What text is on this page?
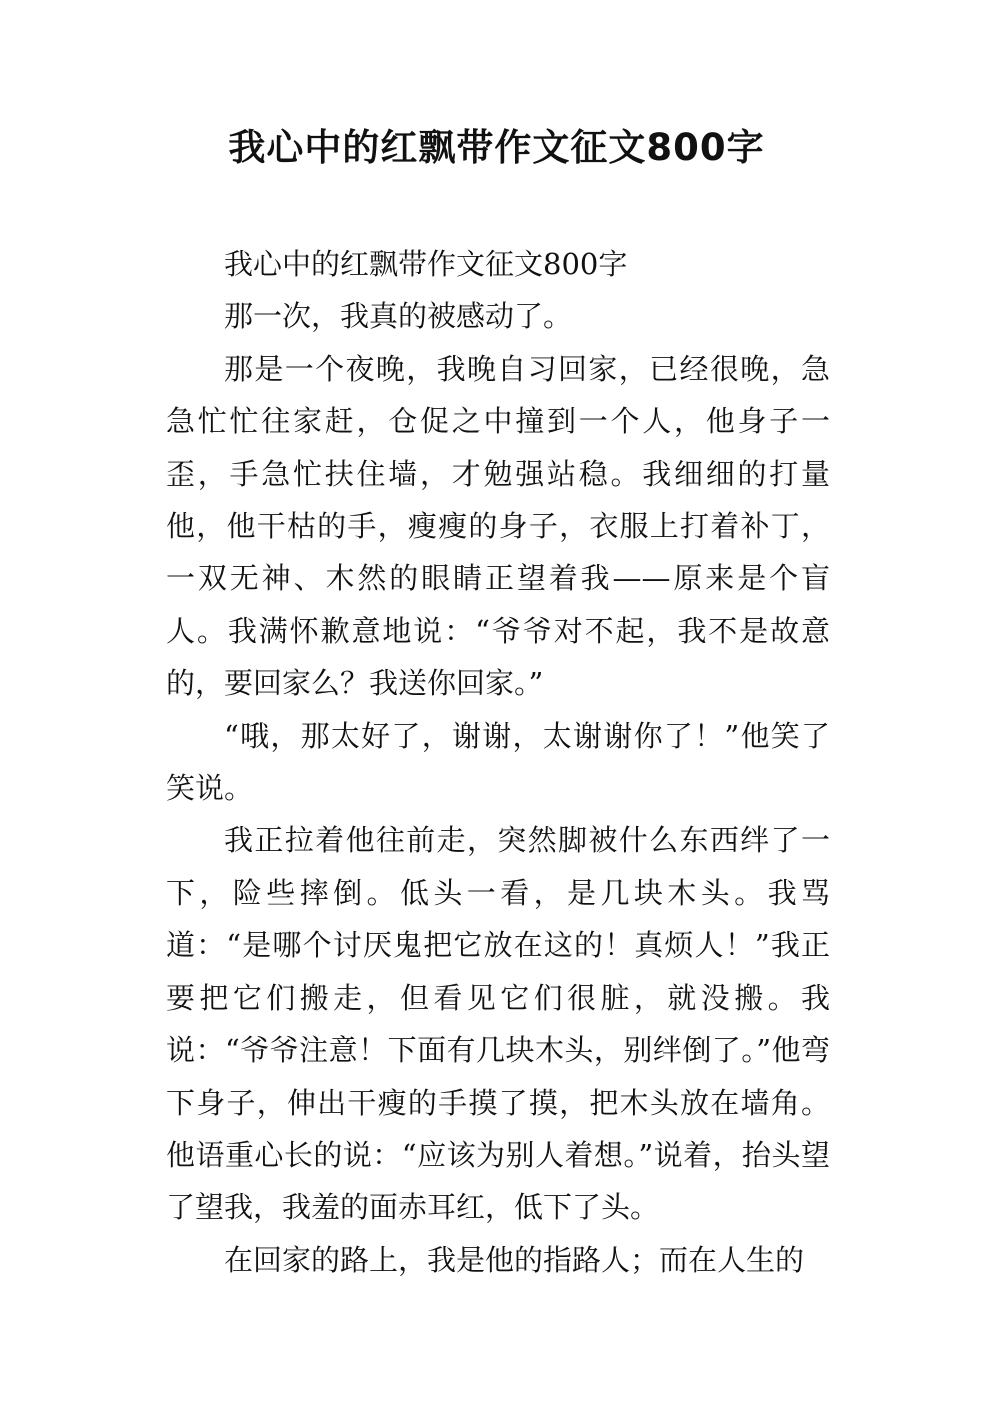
我心中的红飘带作文征文800字

我心中的红飘带作文征文800字

那一次，我真的被感动了。

那是一个夜晚，我晚自习回家，已经很晚，急急忙忙往家赶，仓促之中撞到一个人，他身子一歪，手急忙扶住墙，才勉强站稳。我细细的打量他，他干枯的手，瘦瘦的身子，衣服上打着补丁，一双无神、木然的眼睛正望着我——原来是个盲人。我满怀歉意地说：“爷爷对不起，我不是故意的，要回家么？我送你回家。”

“哦，那太好了，谢谢，太谢谢你了！”他笑了笑说。

我正拉着他往前走，突然脚被什么东西绊了一下，险些摔倒。低头一看，是几块木头。我骂道：“是哪个讨厌鬼把它放在这的！真烦人！”我正要把它们搬走，但看见它们很脏，就没搬。我说：“爷爷注意！下面有几块木头，别绊倒了。”他弯下身子，伸出干瘦的手摸了摸，把木头放在墙角。他语重心长的说：“应该为别人着想。”说着，抬头望了望我，我羞的面赤耳红，低下了头。

在回家的路上，我是他的指路人；而在人生的
